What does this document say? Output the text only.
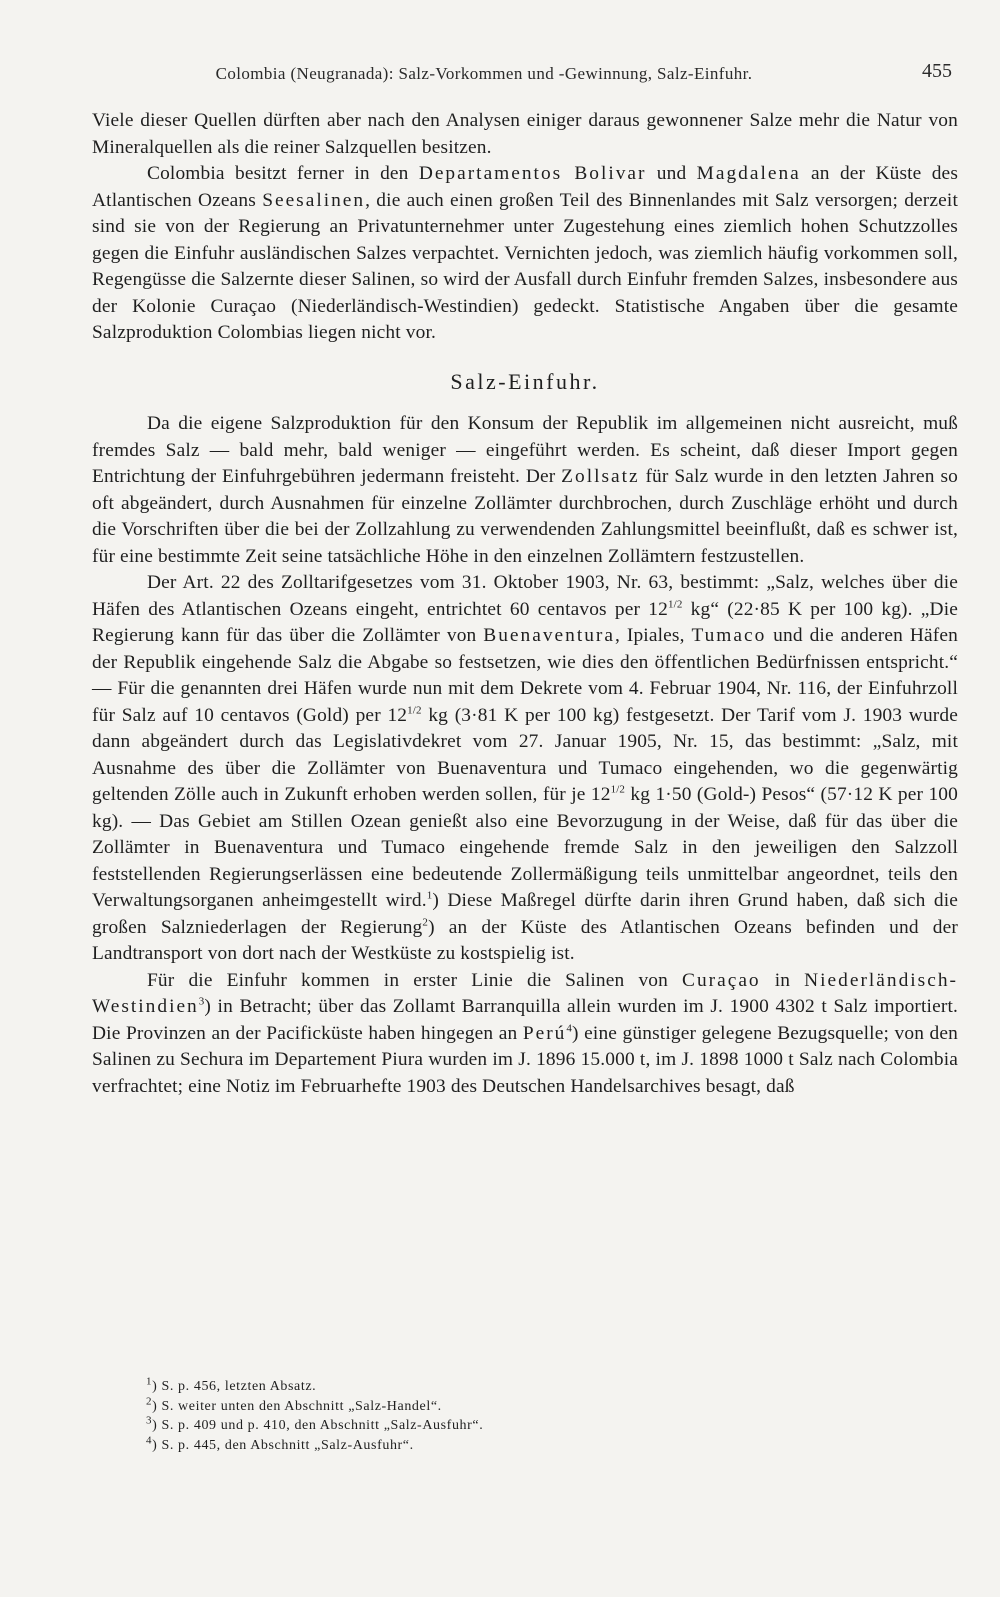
Colombia (Neugranada): Salz-Vorkommen und -Gewinnung, Salz-Einfuhr.	455

Viele dieser Quellen dürften aber nach den Analysen einiger daraus gewonnener Salze mehr die Natur von Mineralquellen als die reiner Salzquellen besitzen.

Colombia besitzt ferner in den Departamentos Bolivar und Magdalena an der Küste des Atlantischen Ozeans Seesalinen, die auch einen großen Teil des Binnenlandes mit Salz versorgen; derzeit sind sie von der Regierung an Privatunternehmer unter Zugestehung eines ziemlich hohen Schutzzolles gegen die Einfuhr ausländischen Salzes verpachtet. Vernichten jedoch, was ziemlich häufig vorkommen soll, Regengüsse die Salzernte dieser Salinen, so wird der Ausfall durch Einfuhr fremden Salzes, insbesondere aus der Kolonie Curaçao (Niederländisch-Westindien) gedeckt. Statistische Angaben über die gesamte Salzproduktion Colombias liegen nicht vor.

Salz-Einfuhr.

Da die eigene Salzproduktion für den Konsum der Republik im allgemeinen nicht ausreicht, muß fremdes Salz — bald mehr, bald weniger — eingeführt werden. Es scheint, daß dieser Import gegen Entrichtung der Einfuhrgebühren jedermann freisteht. Der Zollsatz für Salz wurde in den letzten Jahren so oft abgeändert, durch Ausnahmen für einzelne Zollämter durchbrochen, durch Zuschläge erhöht und durch die Vorschriften über die bei der Zollzahlung zu verwendenden Zahlungsmittel beeinflußt, daß es schwer ist, für eine bestimmte Zeit seine tatsächliche Höhe in den einzelnen Zollämtern festzustellen.

Der Art. 22 des Zolltarifgesetzes vom 31. Oktober 1903, Nr. 63, bestimmt: „Salz, welches über die Häfen des Atlantischen Ozeans eingeht, entrichtet 60 centavos per $12^{1/2}$ kg“ (22·85 K per 100 kg). „Die Regierung kann für das über die Zollämter von Buenaventura, Ipiales, Tumaco und die anderen Häfen der Republik eingehende Salz die Abgabe so festsetzen, wie dies den öffentlichen Bedürfnissen entspricht.“ — Für die genannten drei Häfen wurde nun mit dem Dekrete vom 4. Februar 1904, Nr. 116, der Einfuhrzoll für Salz auf 10 centavos (Gold) per $12^{1/2}$ kg (3·81 K per 100 kg) festgesetzt. Der Tarif vom J. 1903 wurde dann abgeändert durch das Legislativdekret vom 27. Januar 1905, Nr. 15, das bestimmt: „Salz, mit Ausnahme des über die Zollämter von Buenaventura und Tumaco eingehenden, wo die gegenwärtig geltenden Zölle auch in Zukunft erhoben werden sollen, für je $12^{1/2}$ kg 1·50 (Gold-) Pesos“ (57·12 K per 100 kg). — Das Gebiet am Stillen Ozean genießt also eine Bevorzugung in der Weise, daß für das über die Zollämter in Buenaventura und Tumaco eingehende fremde Salz in den jeweiligen den Salzzoll feststellenden Regierungserlässen eine bedeutende Zollermäßigung teils unmittelbar angeordnet, teils den Verwaltungsorganen anheimgestellt wird.$^1$) Diese Maßregel dürfte darin ihren Grund haben, daß sich die großen Salzniederlagen der Regierung$^2$) an der Küste des Atlantischen Ozeans befinden und der Landtransport von dort nach der Westküste zu kostspielig ist.

Für die Einfuhr kommen in erster Linie die Salinen von Curaçao in Niederländisch-Westindien$^3$) in Betracht; über das Zollamt Barranquilla allein wurden im J. 1900 4302 t Salz importiert. Die Provinzen an der Pacificküste haben hingegen an Perú$^4$) eine günstiger gelegene Bezugsquelle; von den Salinen zu Sechura im Departement Piura wurden im J. 1896 15.000 t, im J. 1898 1000 t Salz nach Colombia verfrachtet; eine Notiz im Februarhefte 1903 des Deutschen Handelsarchives besagt, daß

$^1$) S. p. 456, letzten Absatz.

$^2$) S. weiter unten den Abschnitt „Salz-Handel“.

$^3$) S. p. 409 und p. 410, den Abschnitt „Salz-Ausfuhr“.

$^4$) S. p. 445, den Abschnitt „Salz-Ausfuhr“.
